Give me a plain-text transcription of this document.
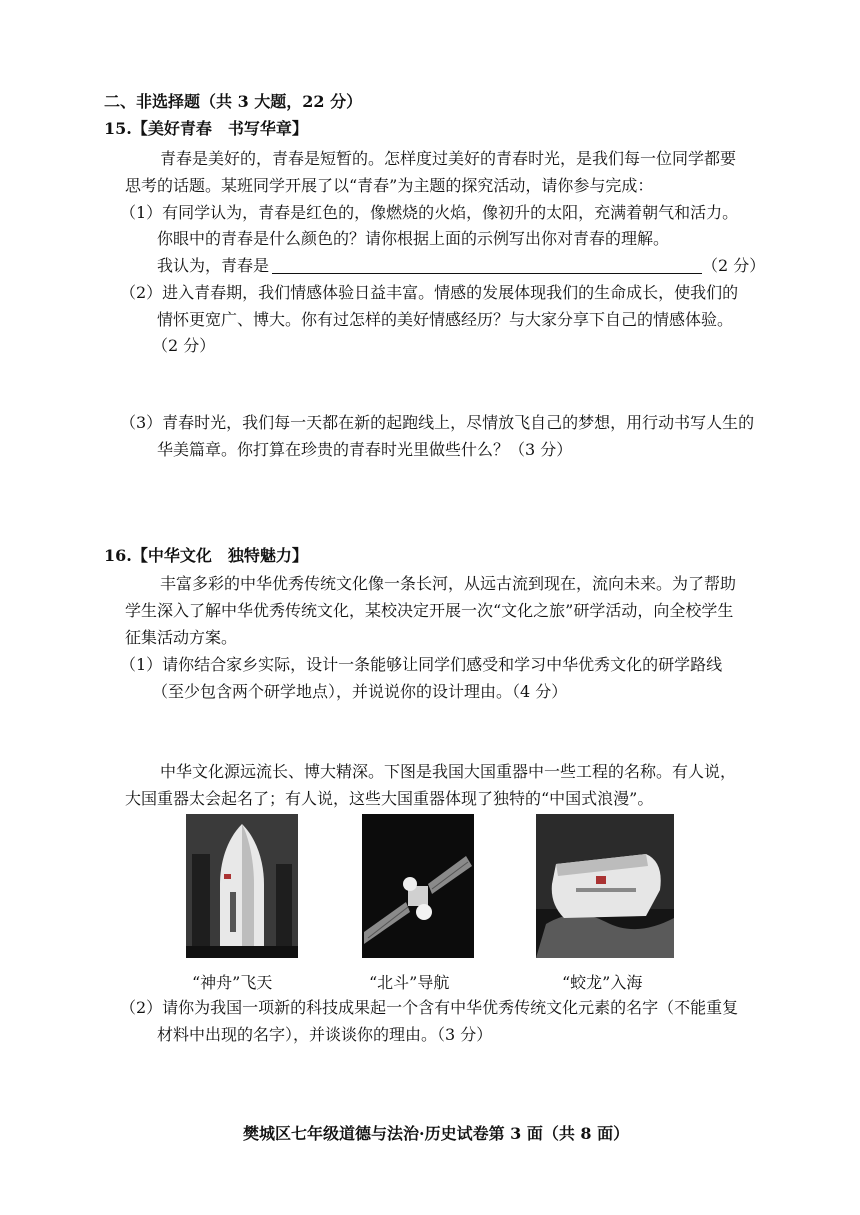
二、非选择题（共 3 大题，22 分）
15.【美好青春　书写华章】
青春是美好的，青春是短暂的。怎样度过美好的青春时光，是我们每一位同学都要
思考的话题。某班同学开展了以“青春”为主题的探究活动，请你参与完成：
（1）有同学认为，青春是红色的，像燃烧的火焰，像初升的太阳，充满着朝气和活力。
你眼中的青春是什么颜色的？请你根据上面的示例写出你对青春的理解。
我认为，青春是	（2 分）
（2）进入青春期，我们情感体验日益丰富。情感的发展体现我们的生命成长，使我们的
情怀更宽广、博大。你有过怎样的美好情感经历？与大家分享下自己的情感体验。
（2 分）
（3）青春时光，我们每一天都在新的起跑线上，尽情放飞自己的梦想，用行动书写人生的
华美篇章。你打算在珍贵的青春时光里做些什么？（3 分）
16.【中华文化　独特魅力】
丰富多彩的中华优秀传统文化像一条长河，从远古流到现在，流向未来。为了帮助
学生深入了解中华优秀传统文化，某校决定开展一次“文化之旅”研学活动，向全校学生
征集活动方案。
（1）请你结合家乡实际，设计一条能够让同学们感受和学习中华优秀文化的研学路线
（至少包含两个研学地点），并说说你的设计理由。（4 分）
中华文化源远流长、博大精深。下图是我国大国重器中一些工程的名称。有人说，
大国重器太会起名了；有人说，这些大国重器体现了独特的“中国式浪漫”。
“神舟”飞天	“北斗”导航	“蛟龙”入海
（2）请你为我国一项新的科技成果起一个含有中华优秀传统文化元素的名字（不能重复
材料中出现的名字），并谈谈你的理由。（3 分）
樊城区七年级道德与法治·历史试卷第 3 面（共 8 面）
